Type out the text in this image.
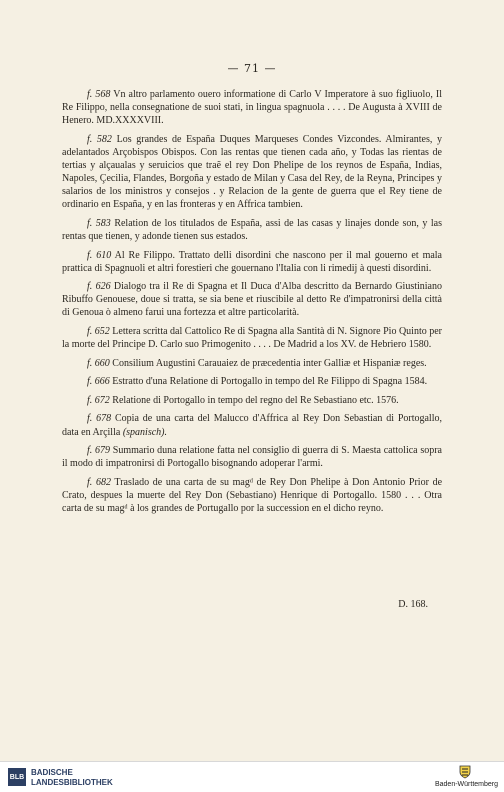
— 71 —

f. 568 Vn altro parlamento ouero informatione di Carlo V Imperatore à suo figliuolo, Il Re Filippo, nella consegnatione de suoi stati, in lingua spagnuola . . . . De Augusta à XVIII de Henero. MD.XXXXVIII.

f. 582 Los grandes de España Duques Marqueses Condes Vizcondes. Almirantes, y adelantados Arçobispos Obispos. Con las rentas que tienen cada año, y Todas las rientas de tertias y alçaualas y seruicios que traẽ el rey Don Phelipe de los reynos de España, Indias, Napoles, Çecilia, Flandes, Borgoña y estado de Milan y Casa del Rey, de la Reyna, Principes y salarios de los ministros y consejos . y Relacion de la gente de guerra que el Rey tiene de ordinario en España, y en las fronteras y en Affrica tambien.

f. 583 Relation de los titulados de España, assi de las casas y linajes donde son, y las rentas que tienen, y adonde tienen sus estados.

f. 610 Al Re Filippo. Trattato delli disordini che nascono per il mal gouerno et mala prattica di Spagnuoli et altri forestieri che gouernano l'Italia con li rimedij à questi disordini.

f. 626 Dialogo tra il Re di Spagna et Il Duca d'Alba descritto da Bernardo Giustiniano Ribuffo Genouese, doue si tratta, se sia bene et riuscibile al detto Re d'impatronirsi della città di Genoua ò almeno farui una fortezza et altre particolarità.

f. 652 Lettera scritta dal Cattolico Re di Spagna alla Santità di N. Signore Pio Quinto per la morte del Principe D. Carlo suo Primogenito . . . . De Madrid a los XV. de Hebriero 1580.

f. 660 Consilium Augustini Carauaiez de præcedentia inter Galliæ et Hispaniæ reges.

f. 666 Estratto d'una Relatione di Portogallo in tempo del Re Filippo di Spagna 1584.

f. 672 Relatione di Portogallo in tempo del regno del Re Sebastiano etc. 1576.

f. 678 Copia de una carta del Malucco d'Affrica al Rey Don Sebastian di Portogallo, data en Arçilla (spanisch).

f. 679 Summario duna relatione fatta nel consiglio di guerra di S. Maesta cattolica sopra il modo di impatronirsi di Portogallo bisognando adoperar l'armi.

f. 682 Traslado de una carta de su magᵈ de Rey Don Phelipe à Don Antonio Prior de Crato, despues la muerte del Rey Don (Sebastiano) Henrique di Portogallo. 1580 . . . Otra carta de su magᵈ à los grandes de Portugallo por la succession en el dicho reyno.

D. 168.
BLB BADISCHE
LANDESBIBLIOTHEK	Baden-Württemberg
